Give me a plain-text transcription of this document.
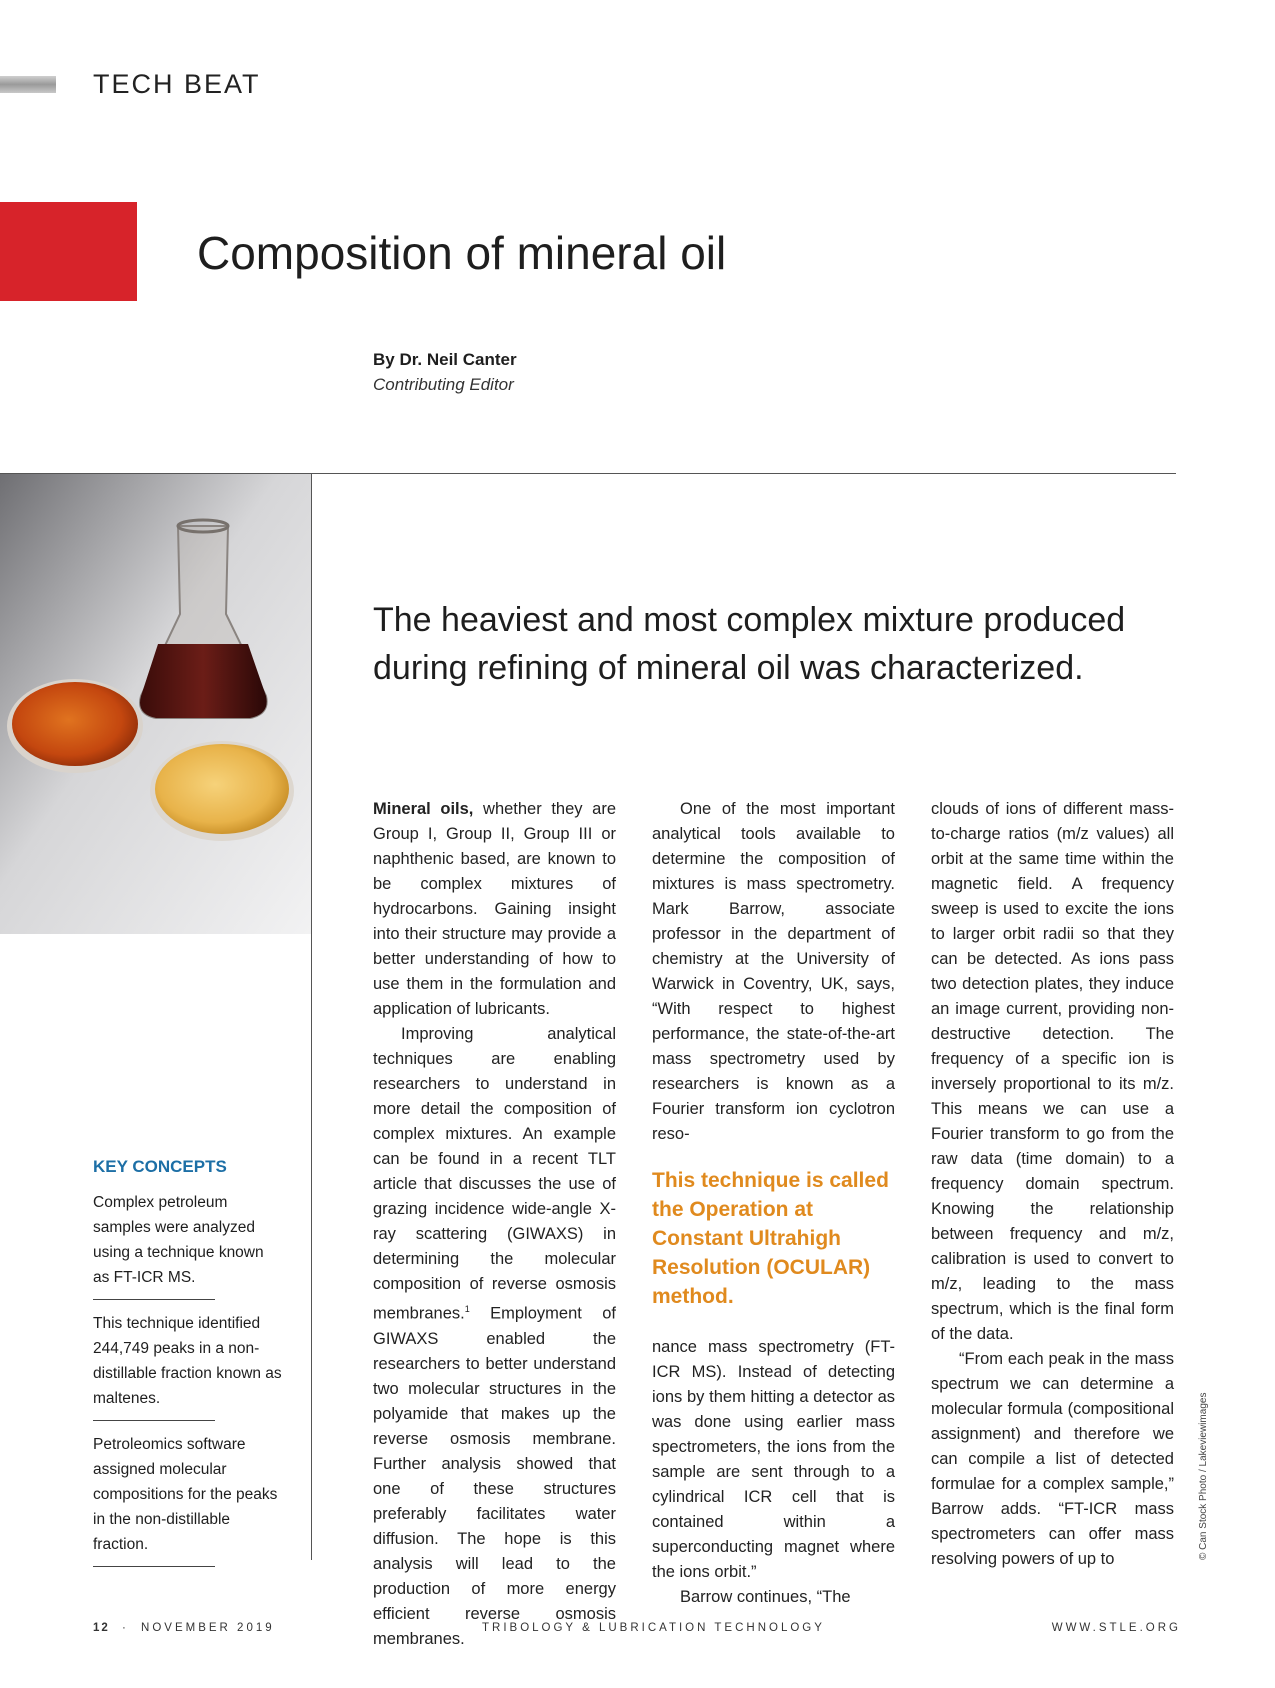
TECH BEAT
Composition of mineral oil
By Dr. Neil Canter
Contributing Editor
The heaviest and most complex mixture produced during refining of mineral oil was characterized.
KEY CONCEPTS
Complex petroleum samples were analyzed using a technique known as FT-ICR MS.
This technique identified 244,749 peaks in a non-distillable fraction known as maltenes.
Petroleomics software assigned molecular compositions for the peaks in the non-distillable fraction.

Mineral oils, whether they are Group I, Group II, Group III or naphthenic based, are known to be complex mixtures of hydrocarbons. Gaining insight into their structure may provide a better understanding of how to use them in the formulation and application of lubricants.

Improving analytical techniques are enabling researchers to understand in more detail the composition of complex mixtures. An example can be found in a recent TLT article that discusses the use of grazing incidence wide-angle X-ray scattering (GIWAXS) in determining the molecular composition of reverse osmosis membranes.$^1$ Employment of GIWAXS enabled the researchers to better understand two molecular structures in the polyamide that makes up the reverse osmosis membrane. Further analysis showed that one of these structures preferably facilitates water diffusion. The hope is this analysis will lead to the production of more energy efficient reverse osmosis membranes.

One of the most important analytical tools available to determine the composition of mixtures is mass spectrometry. Mark Barrow, associate professor in the department of chemistry at the University of Warwick in Coventry, UK, says, “With respect to highest performance, the state-of-the-art mass spectrometry used by researchers is known as a Fourier transform ion cyclotron reso-

This technique is called the Operation at Constant Ultrahigh Resolution (OCULAR) method.

nance mass spectrometry (FT-ICR MS). Instead of detecting ions by them hitting a detector as was done using earlier mass spectrometers, the ions from the sample are sent through to a cylindrical ICR cell that is contained within a superconducting magnet where the ions orbit.”

Barrow continues, “The

clouds of ions of different mass-to-charge ratios (m/z values) all orbit at the same time within the magnetic field. A frequency sweep is used to excite the ions to larger orbit radii so that they can be detected. As ions pass two detection plates, they induce an image current, providing non-destructive detection. The frequency of a specific ion is inversely proportional to its m/z. This means we can use a Fourier transform to go from the raw data (time domain) to a frequency domain spectrum. Knowing the relationship between frequency and m/z, calibration is used to convert to m/z, leading to the mass spectrum, which is the final form of the data.

“From each peak in the mass spectrum we can determine a molecular formula (compositional assignment) and therefore we can compile a list of detected formulae for a complex sample,” Barrow adds. “FT-ICR mass spectrometers can offer mass resolving powers of up to	© Can Stock Photo / Lakeviewimages
12 · NOVEMBER 2019	TRIBOLOGY & LUBRICATION TECHNOLOGY	WWW.STLE.ORG
